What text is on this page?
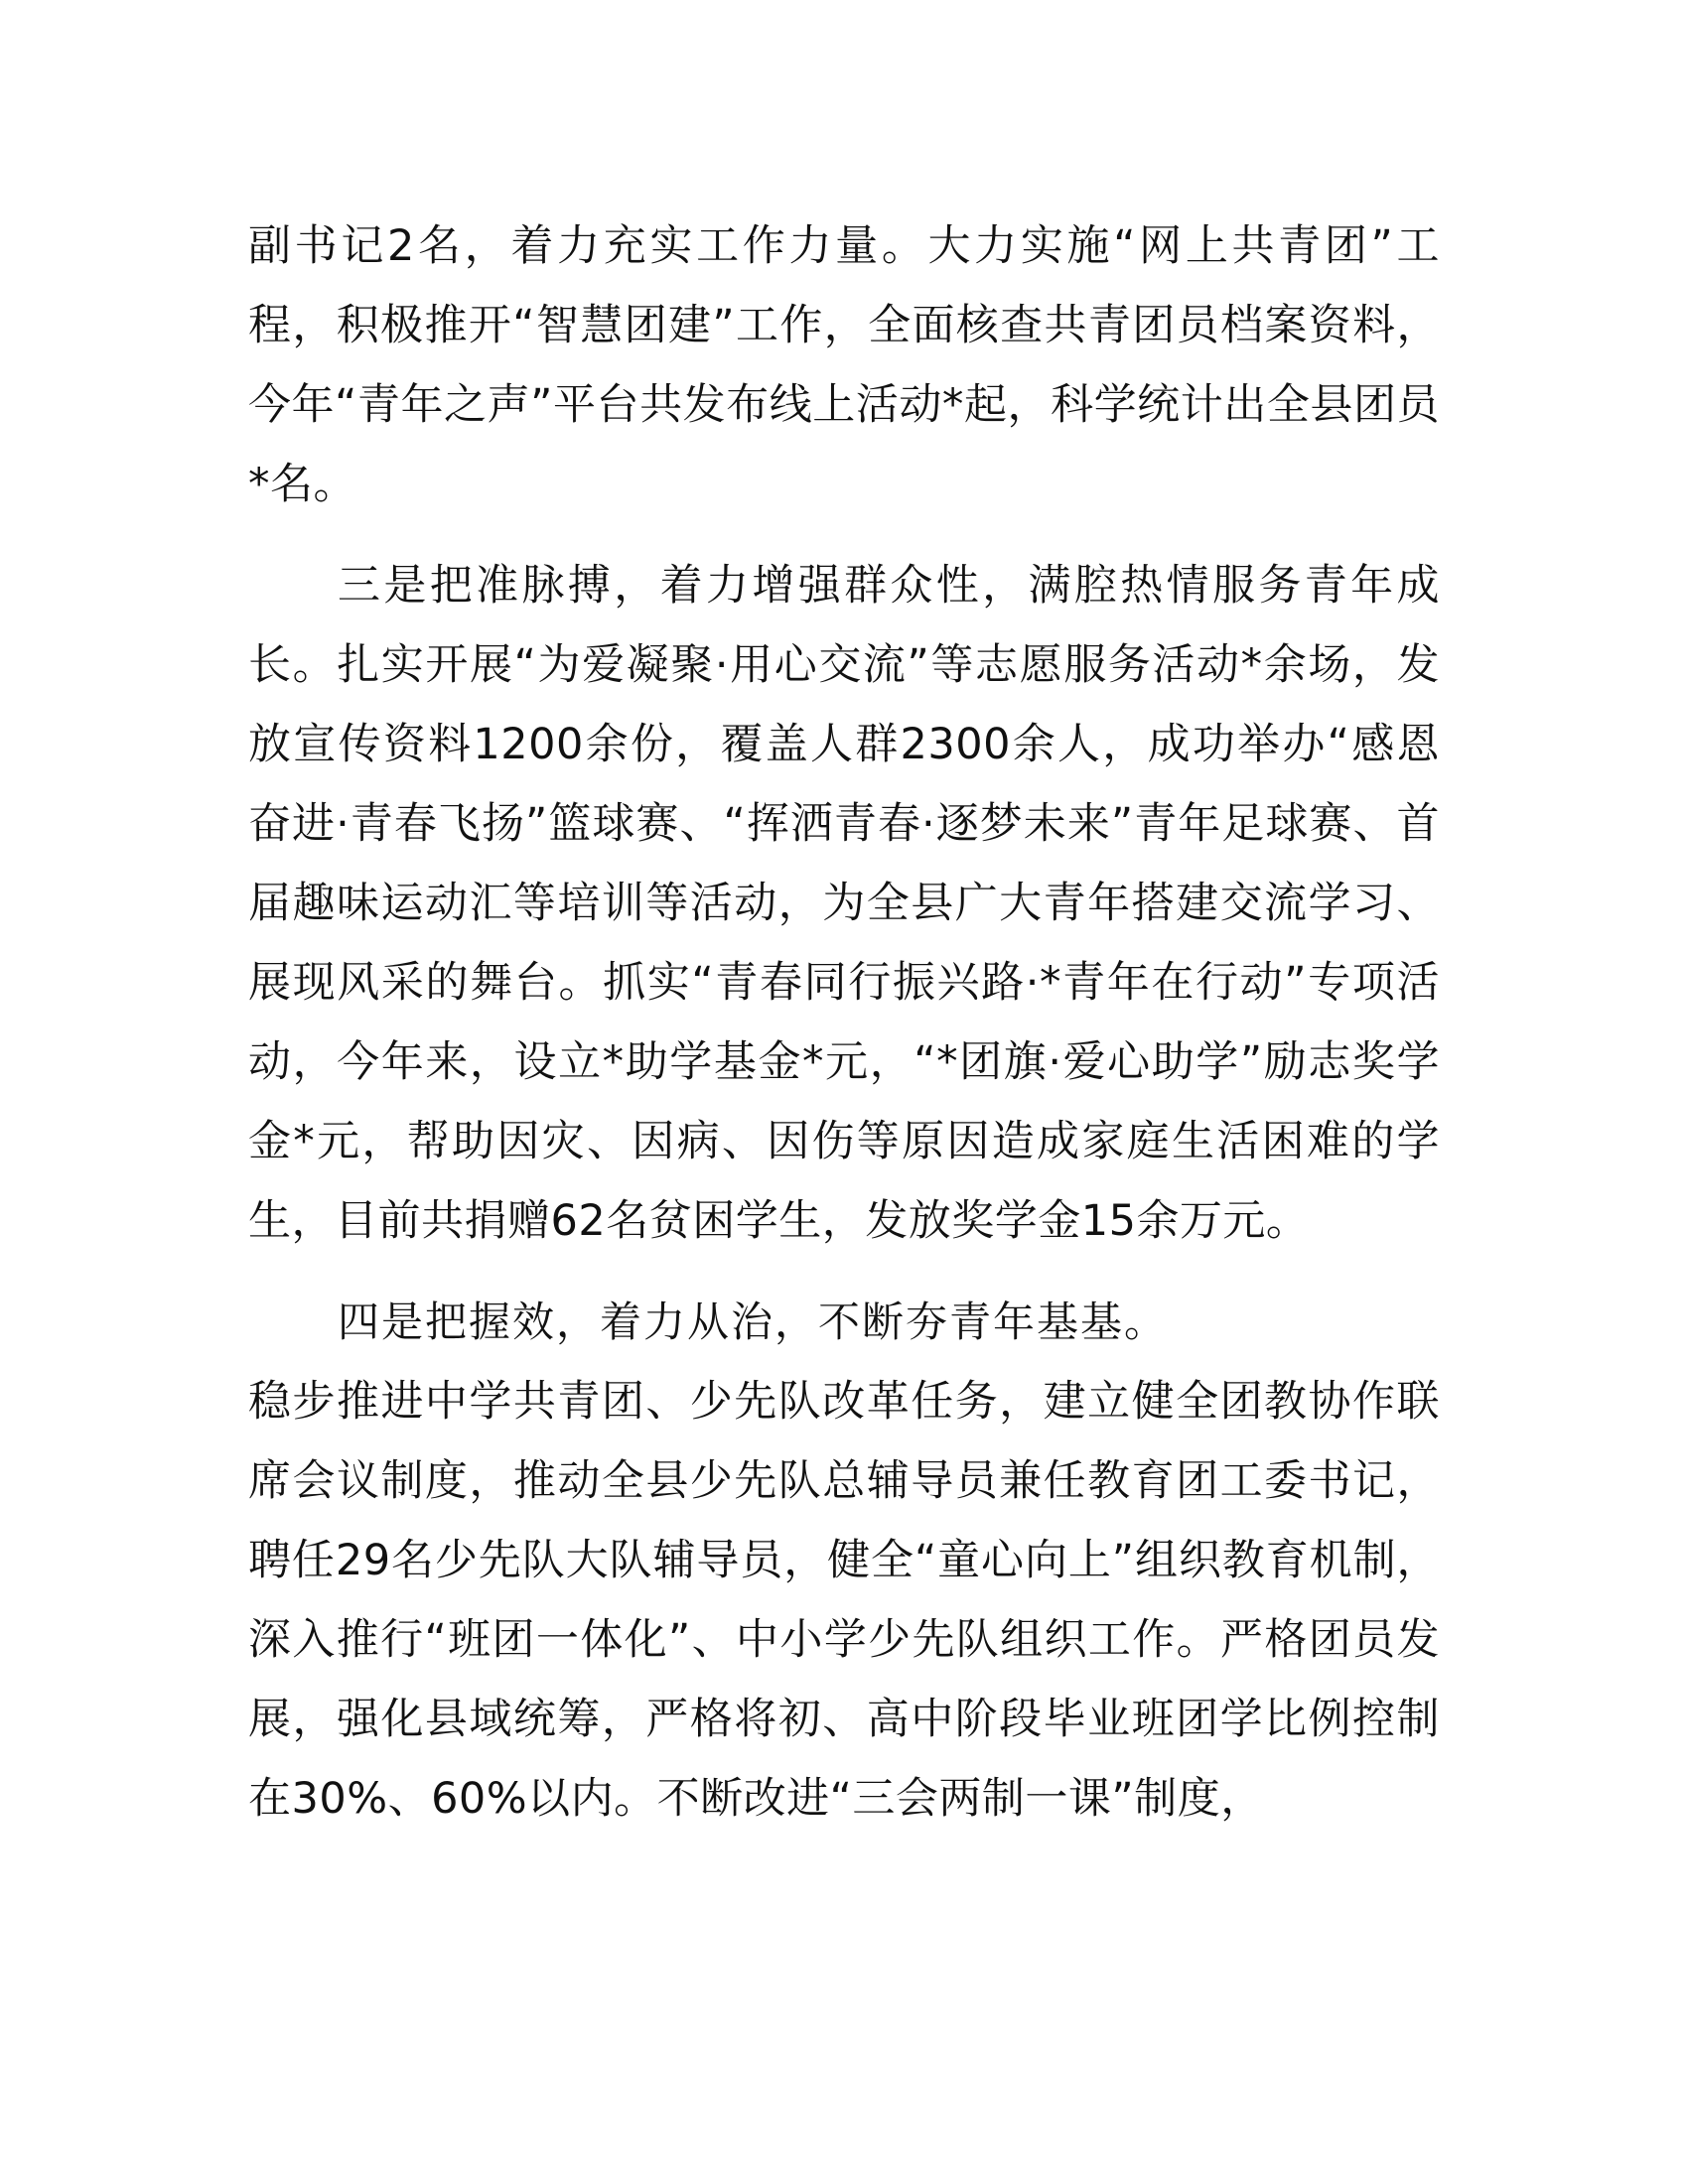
副书记2名，着力充实工作力量。大力实施“网上共青团”工程，积极推开“智慧团建”工作，全面核查共青团员档案资料，今年“青年之声”平台共发布线上活动*起，科学统计出全县团员*名。

三是把准脉搏，着力增强群众性，满腔热情服务青年成长。扎实开展“为爱凝聚·用心交流”等志愿服务活动*余场，发放宣传资料1200余份，覆盖人群2300余人，成功举办“感恩奋进·青春飞扬”篮球赛、“挥洒青春·逐梦未来”青年足球赛、首届趣味运动汇等培训等活动，为全县广大青年搭建交流学习、展现风采的舞台。抓实“青春同行振兴路·*青年在行动”专项活动，今年来，设立*助学基金*元，“*团旗·爱心助学”励志奖学金*元，帮助因灾、因病、因伤等原因造成家庭生活困难的学生，目前共捐赠62名贫困学生，发放奖学金15余万元。

四是把握效，着力从治，不断夯青年基基。

稳步推进中学共青团、少先队改革任务，建立健全团教协作联席会议制度，推动全县少先队总辅导员兼任教育团工委书记，聘任29名少先队大队辅导员，健全“童心向上”组织教育机制，深入推行“班团一体化”、中小学少先队组织工作。严格团员发展，强化县域统筹，严格将初、高中阶段毕业班团学比例控制在30%、60%以内。不断改进“三会两制一课”制度，
